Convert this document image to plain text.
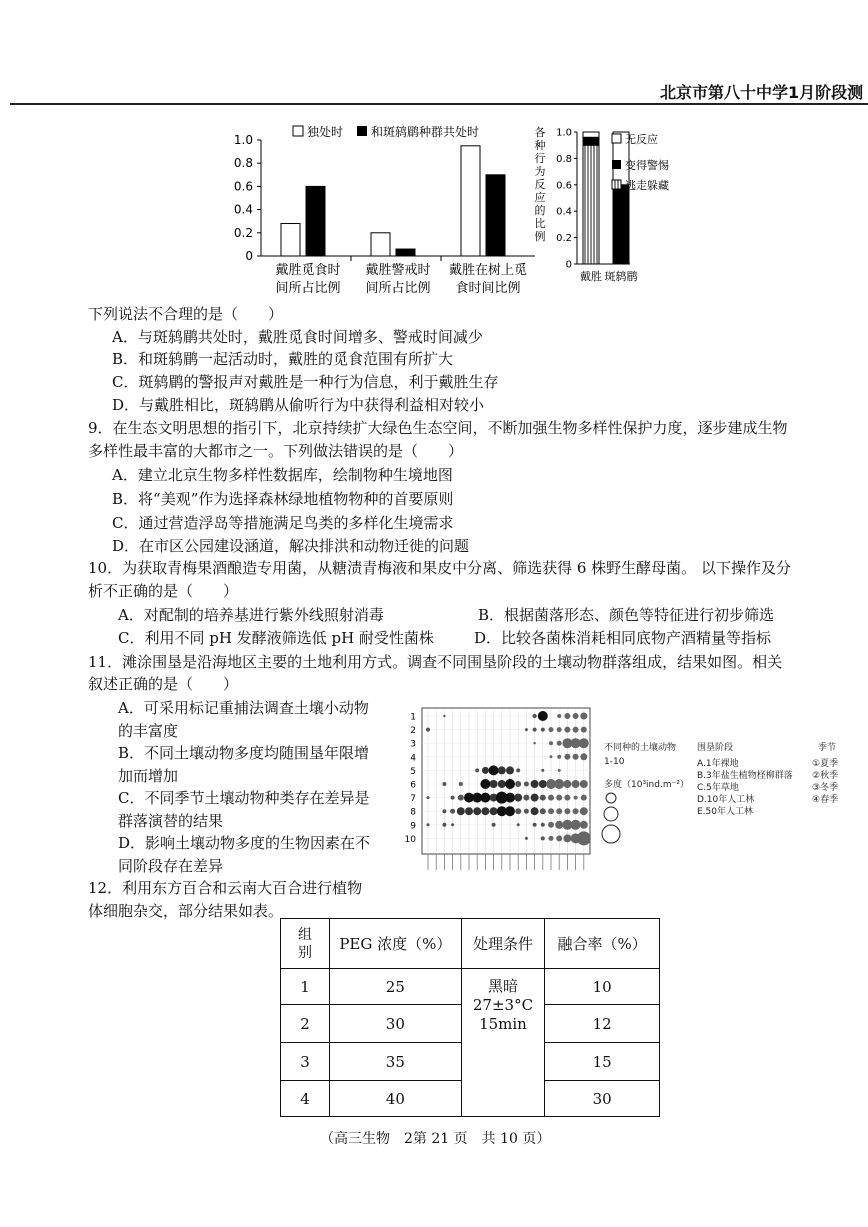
北京市第八十中学1月阶段测
独处时 和斑鸫鹛种群共处时
0
0.2
0.4
0.6
0.8
1.0
戴胜觅食时
间所占比例
戴胜警戒时
间所占比例
戴胜在树上觅
食时间比例
各
种
行
为
反
应
的
比
例
0
0.2
0.4
0.6
0.8
1.0
戴胜 斑鸫鹛
无反应
变得警惕
逃走躲藏
下列说法不合理的是（　　）
A．与斑鸫鹛共处时，戴胜觅食时间增多、警戒时间减少
B．和斑鸫鹛一起活动时，戴胜的觅食范围有所扩大
C．斑鸫鹛的警报声对戴胜是一种行为信息，利于戴胜生存
D．与戴胜相比，斑鸫鹛从偷听行为中获得利益相对较小
9．在生态文明思想的指引下，北京持续扩大绿色生态空间，不断加强生物多样性保护力度，逐步建成生物
多样性最丰富的大都市之一。下列做法错误的是（　　）
A．建立北京生物多样性数据库，绘制物种生境地图
B．将“美观”作为选择森林绿地植物物种的首要原则
C．通过营造浮岛等措施满足鸟类的多样化生境需求
D．在市区公园建设涵道，解决排洪和动物迁徙的问题
10．为获取青梅果酒酿造专用菌，从糖渍青梅液和果皮中分离、筛选获得 6 株野生酵母菌。 以下操作及分
析不正确的是（　　）
A．对配制的培养基进行紫外线照射消毒	B．根据菌落形态、颜色等特征进行初步筛选
C．利用不同 pH 发酵液筛选低 pH 耐受性菌株	D．比较各菌株消耗相同底物产酒精量等指标
11．滩涂围垦是沿海地区主要的土地利用方式。调查不同围垦阶段的土壤动物群落组成，结果如图。相关
叙述正确的是（　　）
A．可采用标记重捕法调查土壤小动物
的丰富度
B．不同土壤动物多度均随围垦年限增
加而增加
C．不同季节土壤动物种类存在差异是
群落演替的结果
D．影响土壤动物多度的生物因素在不
同阶段存在差异
1
2
3
4
5
6
7
8
9
10
不同种的土壤动物
1-10
多度（10³ind.m⁻²）
围垦阶段
A.1年裸地
B.3年盐生植物柽柳群落
C.5年草地
D.10年人工林
E.50年人工林
季节
①夏季
②秋季
③冬季
④春季
12．利用东方百合和云南大百合进行植物
体细胞杂交，部分结果如表。
组别	PEG 浓度（%）	处理条件	融合率（%）
1	25	黑暗
27±3°C
15min	10
2	30		12
3	35		15
4	40		30
（高三生物　2第 21 页　共 10 页）
